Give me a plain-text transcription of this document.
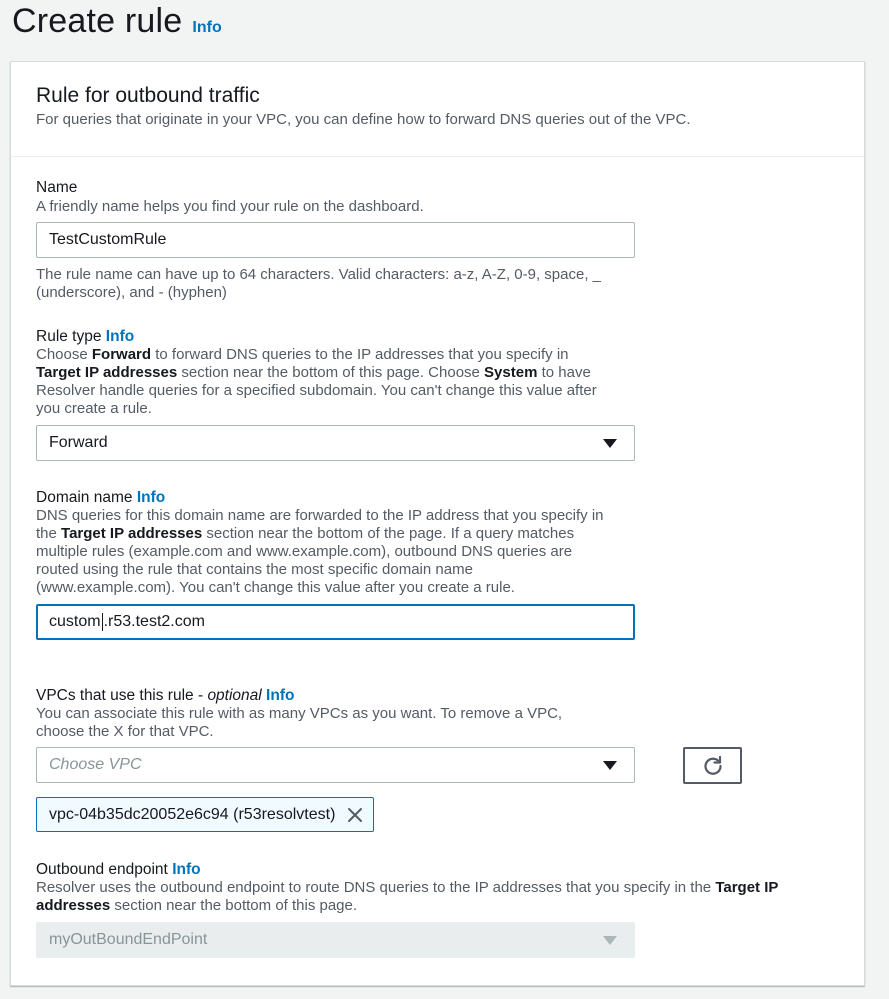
Create rule Info
Rule for outbound traffic
For queries that originate in your VPC, you can define how to forward DNS queries out of the VPC.
Name
A friendly name helps you find your rule on the dashboard.
TestCustomRule
The rule name can have up to 64 characters. Valid characters: a-z, A-Z, 0-9, space, _ (underscore), and - (hyphen)
Rule type Info
Choose Forward to forward DNS queries to the IP addresses that you specify in Target IP addresses section near the bottom of this page. Choose System to have Resolver handle queries for a specified subdomain. You can't change this value after you create a rule.
Forward
Domain name Info
DNS queries for this domain name are forwarded to the IP address that you specify in the Target IP addresses section near the bottom of the page. If a query matches multiple rules (example.com and www.example.com), outbound DNS queries are routed using the rule that contains the most specific domain name (www.example.com). You can't change this value after you create a rule.
custom .r53.test2.com
VPCs that use this rule - optional Info
You can associate this rule with as many VPCs as you want. To remove a VPC, choose the X for that VPC.
Choose VPC
vpc-04b35dc20052e6c94 (r53resolvtest)
Outbound endpoint Info
Resolver uses the outbound endpoint to route DNS queries to the IP addresses that you specify in the Target IP addresses section near the bottom of this page.
myOutBoundEndPoint
